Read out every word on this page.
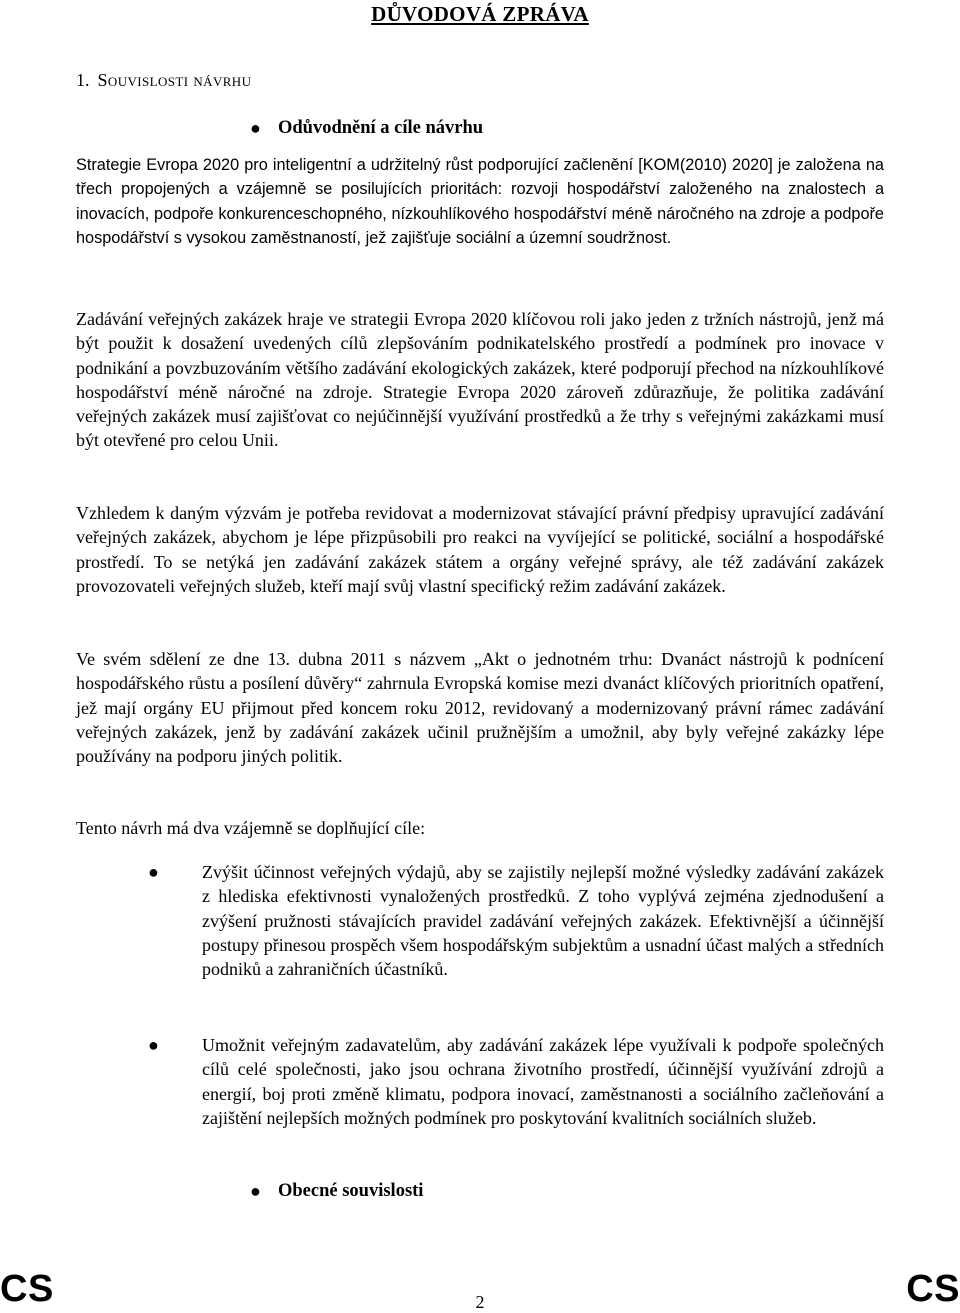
DŮVODOVÁ ZPRÁVA
1. Souvislosti návrhu
● Odůvodnění a cíle návrhu

Strategie Evropa 2020 pro inteligentní a udržitelný růst podporující začlenění [KOM(2010) 2020] je založena na třech propojených a vzájemně se posilujících prioritách: rozvoji hospodářství založeného na znalostech a inovacích, podpoře konkurenceschopného, nízkouhlíkového hospodářství méně náročného na zdroje a podpoře hospodářství s vysokou zaměstnaností, jež zajišťuje sociální a územní soudržnost.

Zadávání veřejných zakázek hraje ve strategii Evropa 2020 klíčovou roli jako jeden z tržních nástrojů, jenž má být použit k dosažení uvedených cílů zlepšováním podnikatelského prostředí a podmínek pro inovace v podnikání a povzbuzováním většího zadávání ekologických zakázek, které podporují přechod na nízkouhlíkové hospodářství méně náročné na zdroje. Strategie Evropa 2020 zároveň zdůrazňuje, že politika zadávání veřejných zakázek musí zajišťovat co nejúčinnější využívání prostředků a že trhy s veřejnými zakázkami musí být otevřené pro celou Unii.

Vzhledem k daným výzvám je potřeba revidovat a modernizovat stávající právní předpisy upravující zadávání veřejných zakázek, abychom je lépe přizpůsobili pro reakci na vyvíjející se politické, sociální a hospodářské prostředí. To se netýká jen zadávání zakázek státem a orgány veřejné správy, ale též zadávání zakázek provozovateli veřejných služeb, kteří mají svůj vlastní specifický režim zadávání zakázek.

Ve svém sdělení ze dne 13. dubna 2011 s názvem „Akt o jednotném trhu: Dvanáct nástrojů k podnícení hospodářského růstu a posílení důvěry“ zahrnula Evropská komise mezi dvanáct klíčových prioritních opatření, jež mají orgány EU přijmout před koncem roku 2012, revidovaný a modernizovaný právní rámec zadávání veřejných zakázek, jenž by zadávání zakázek učinil pružnějším a umožnil, aby byly veřejné zakázky lépe používány na podporu jiných politik.

Tento návrh má dva vzájemně se doplňující cíle:

● Zvýšit účinnost veřejných výdajů, aby se zajistily nejlepší možné výsledky zadávání zakázek z hlediska efektivnosti vynaložených prostředků. Z toho vyplývá zejména zjednodušení a zvýšení pružnosti stávajících pravidel zadávání veřejných zakázek. Efektivnější a účinnější postupy přinesou prospěch všem hospodářským subjektům a usnadní účast malých a středních podniků a zahraničních účastníků.

● Umožnit veřejným zadavatelům, aby zadávání zakázek lépe využívali k podpoře společných cílů celé společnosti, jako jsou ochrana životního prostředí, účinnější využívání zdrojů a energií, boj proti změně klimatu, podpora inovací, zaměstnanosti a sociálního začleňování a zajištění nejlepších možných podmínek pro poskytování kvalitních sociálních služeb.

● Obecné souvislosti
CS	2	CS
